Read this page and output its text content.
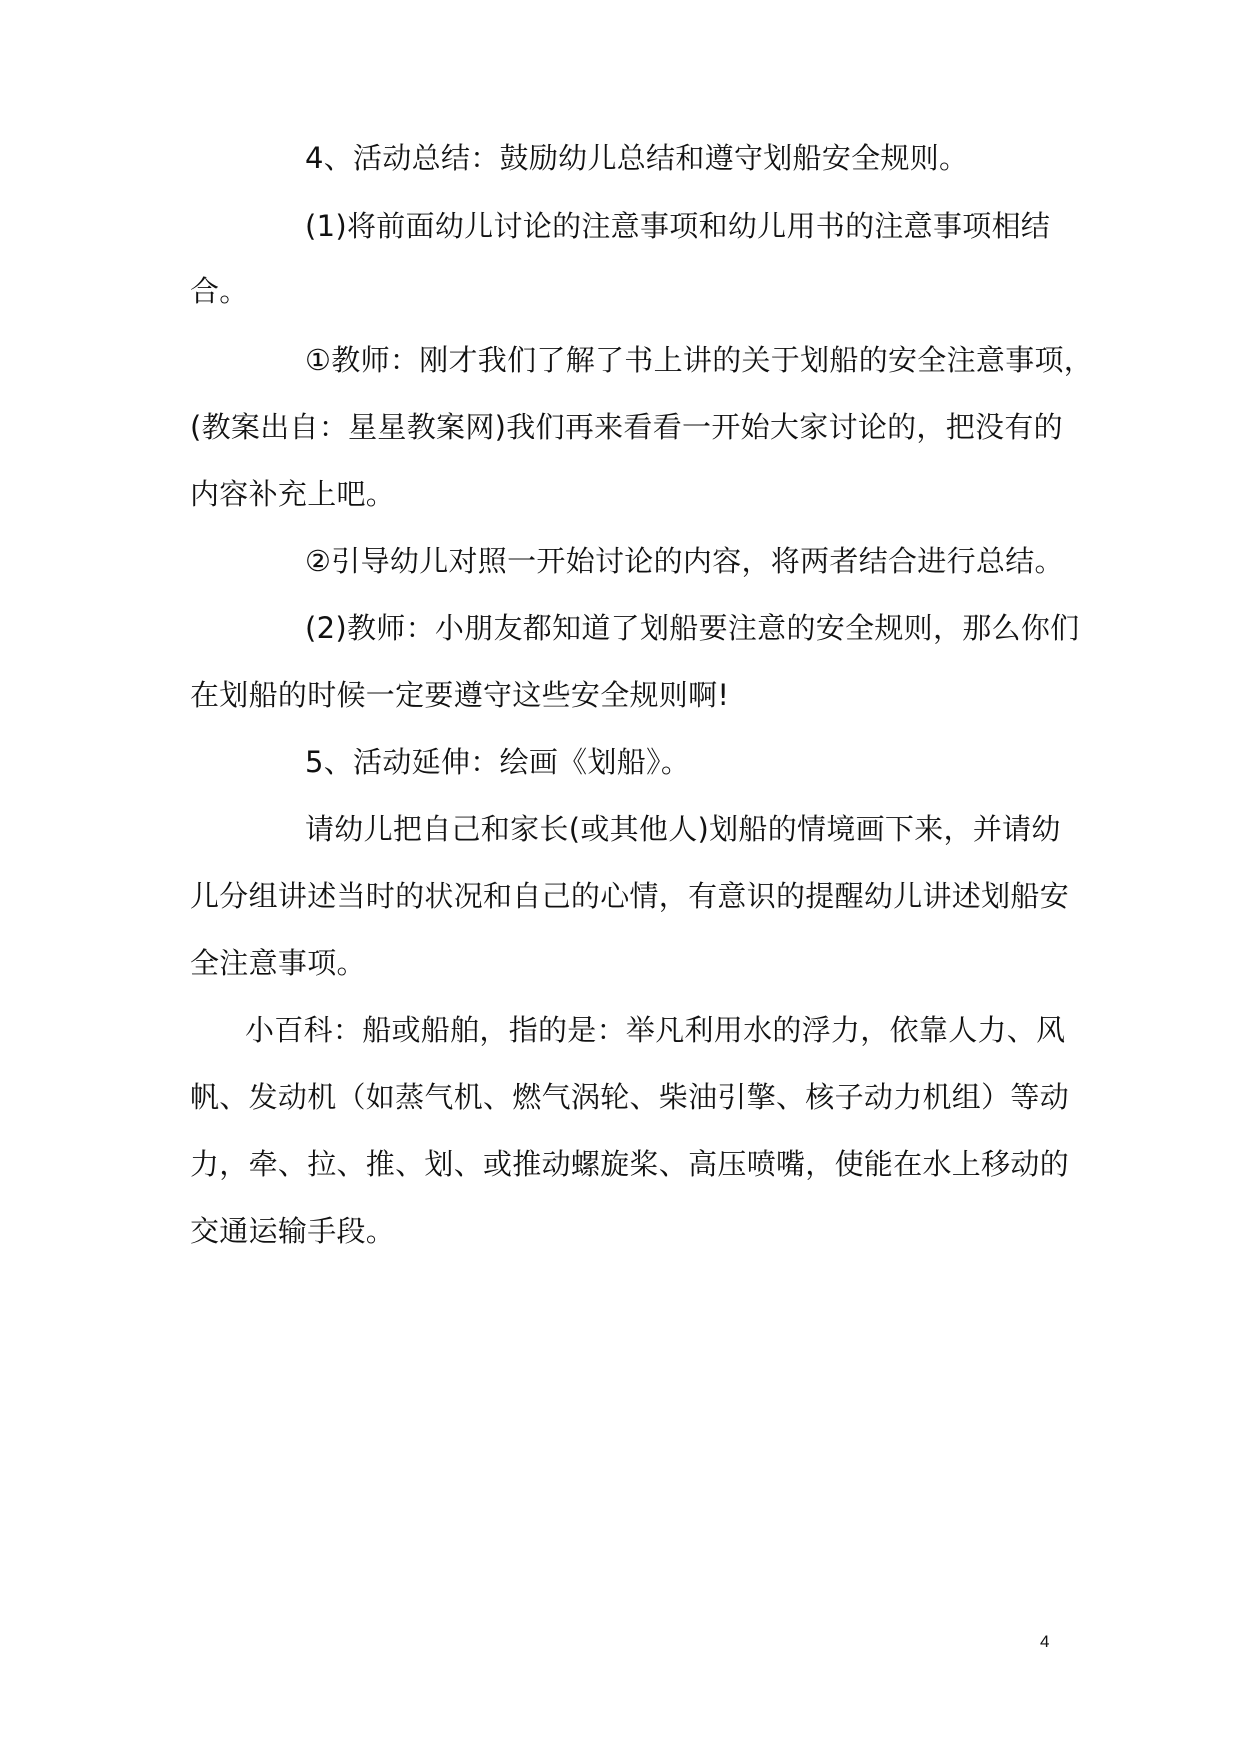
4、活动总结：鼓励幼儿总结和遵守划船安全规则。
(1)将前面幼儿讨论的注意事项和幼儿用书的注意事项相结
合。
①教师：刚才我们了解了书上讲的关于划船的安全注意事项，
(教案出自：星星教案网)我们再来看看一开始大家讨论的，把没有的
内容补充上吧。
②引导幼儿对照一开始讨论的内容，将两者结合进行总结。
(2)教师：小朋友都知道了划船要注意的安全规则，那么你们
在划船的时候一定要遵守这些安全规则啊!
5、活动延伸：绘画《划船》。
请幼儿把自己和家长(或其他人)划船的情境画下来，并请幼
儿分组讲述当时的状况和自己的心情，有意识的提醒幼儿讲述划船安
全注意事项。
小百科：船或船舶，指的是：举凡利用水的浮力，依靠人力、风
帆、发动机（如蒸气机、燃气涡轮、柴油引擎、核子动力机组）等动
力，牵、拉、推、划、或推动螺旋桨、高压喷嘴，使能在水上移动的
交通运输手段。
4
